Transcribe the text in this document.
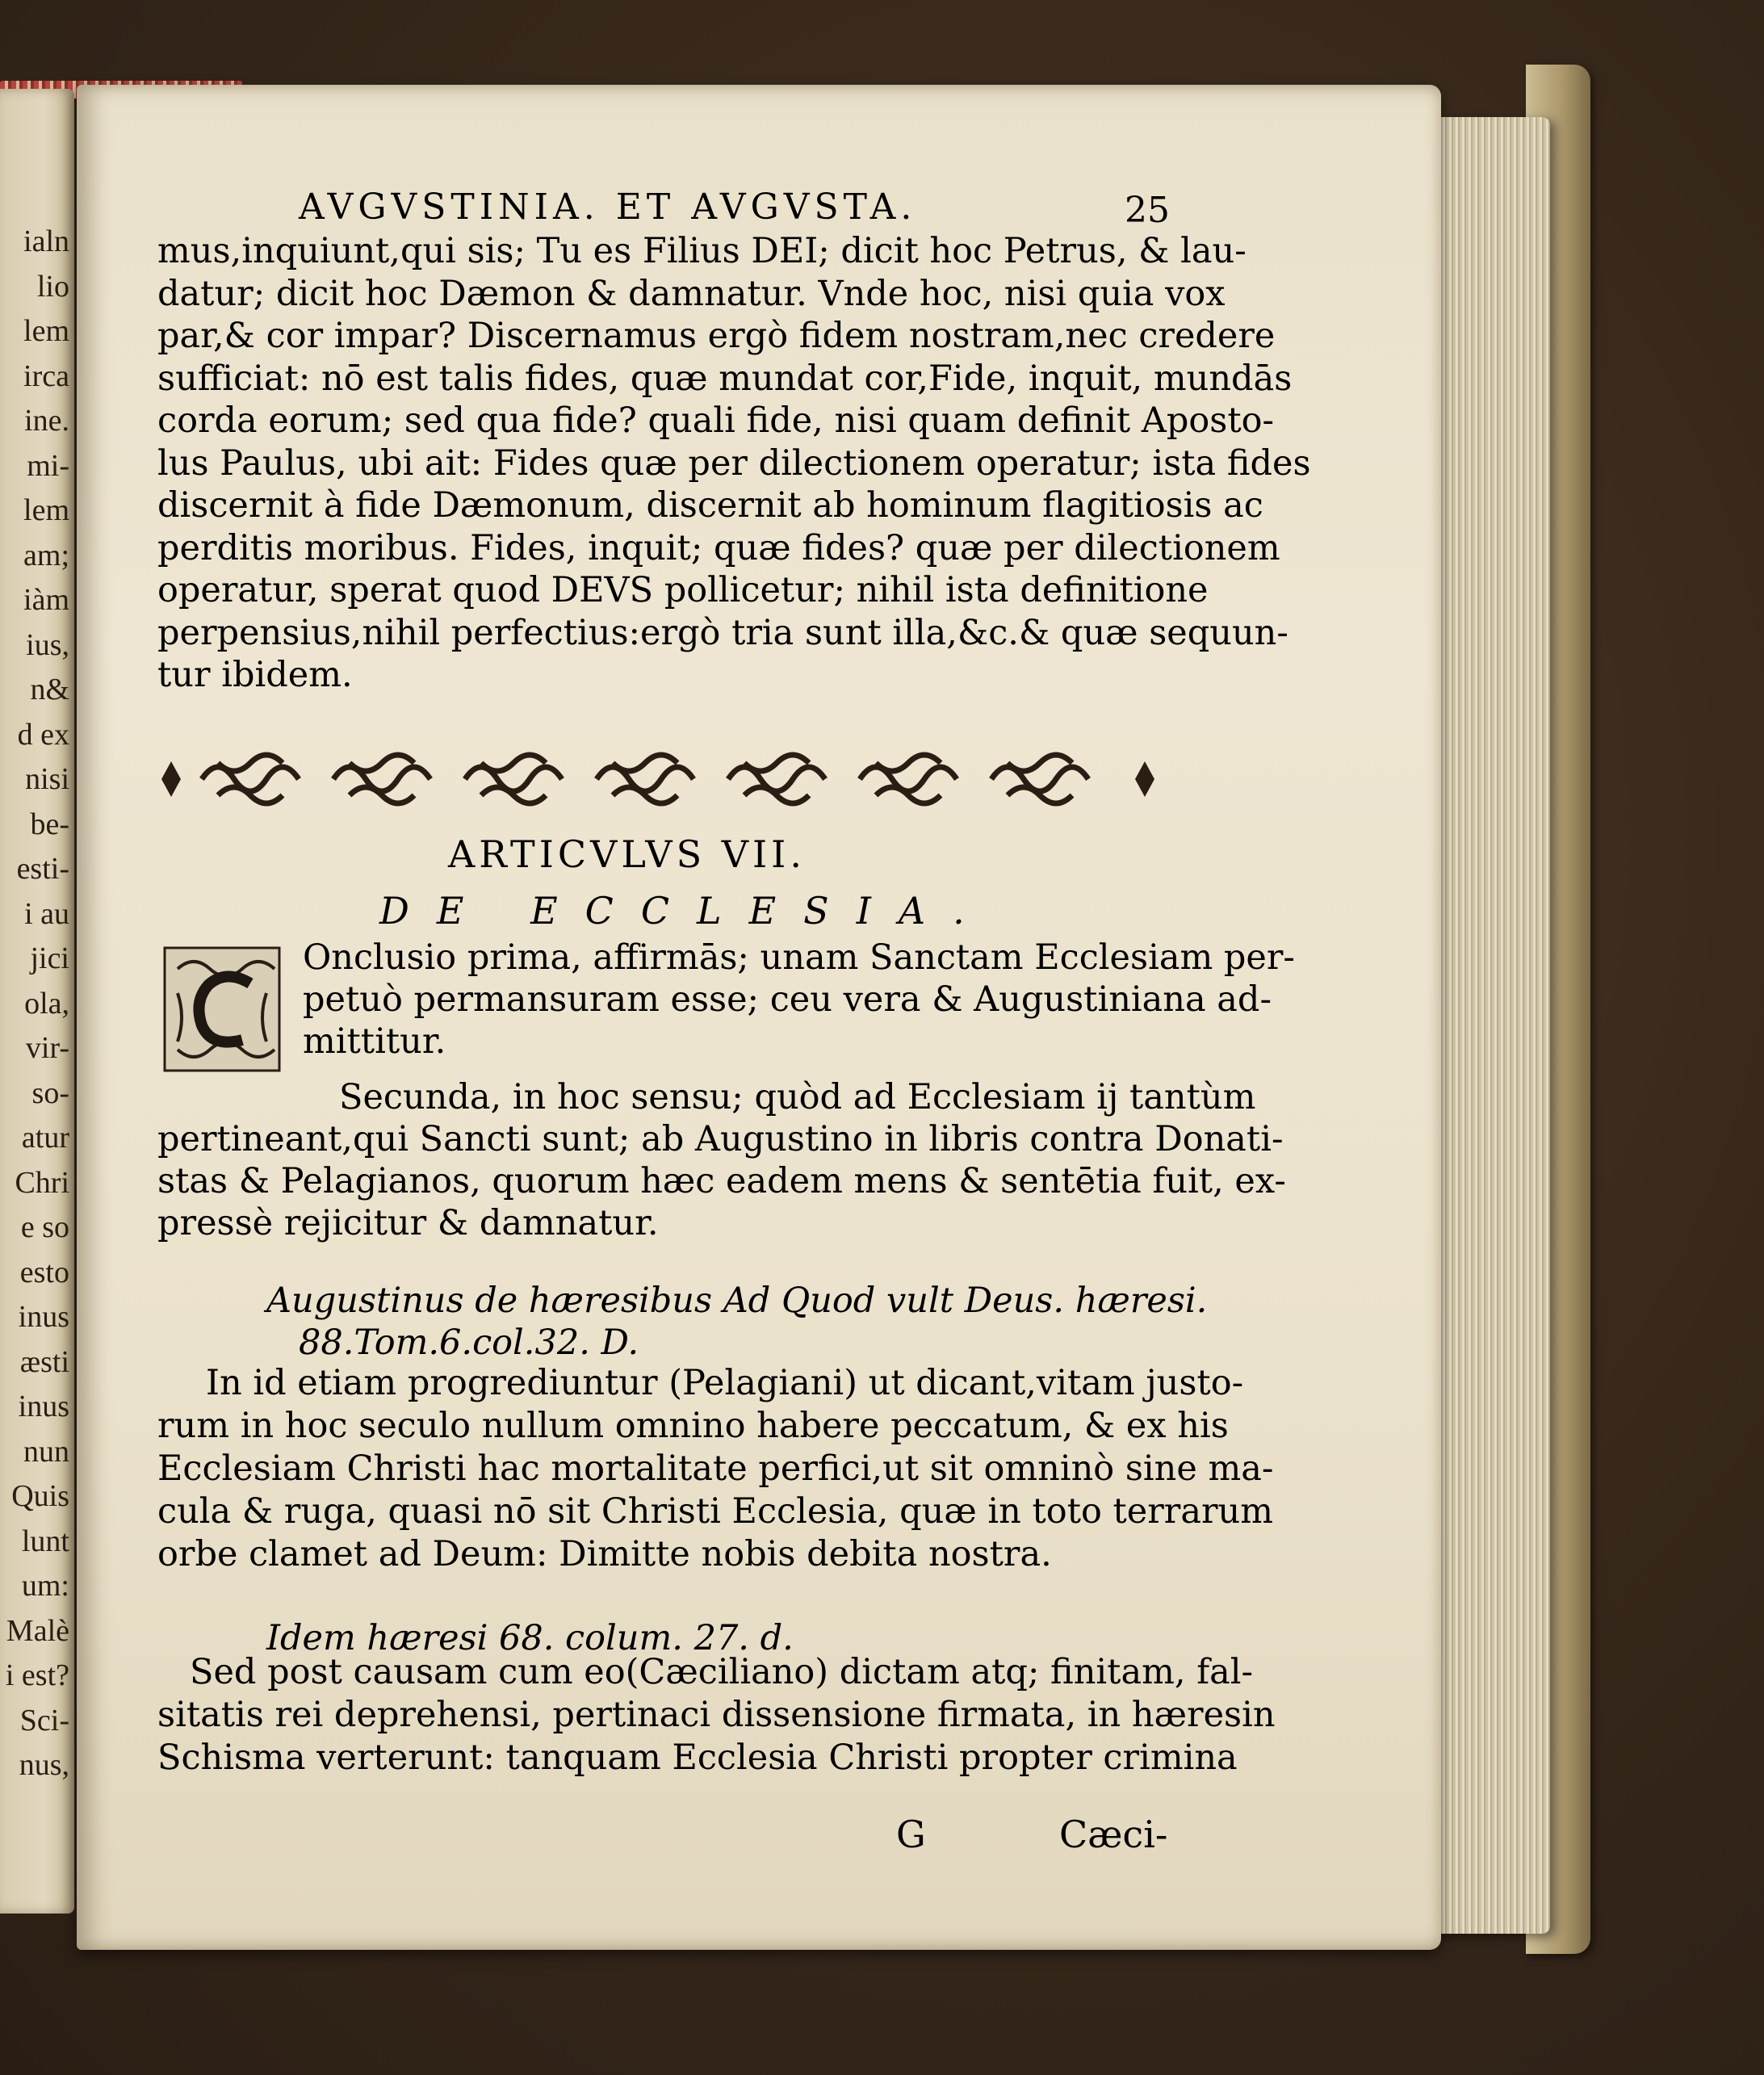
ialn
lio
lem
irca
ine.
mi-
lem
am;
iàm
ius,
n&
d ex
nisi
be-
esti-
i au
jici
ola,
vir-
so-
atur
Chri
e so
esto
inus
æsti
inus
nun
Quis
lunt
um:
Malè
i est?
Sci-
nus,
AVGVSTINIA. ET AVGVSTA.	25
mus,inquiunt,qui sis; Tu es Filius DEI; dicit hoc Petrus, & lau-
datur; dicit hoc Dæmon & damnatur. Vnde hoc, nisi quia vox
par,& cor impar? Discernamus ergò fidem nostram,nec credere
sufficiat: nō est talis fides, quæ mundat cor,Fide, inquit, mundās
corda eorum; sed qua fide? quali fide, nisi quam definit Aposto-
lus Paulus, ubi ait: Fides quæ per dilectionem operatur; ista fides
discernit à fide Dæmonum, discernit ab hominum flagitiosis ac
perditis moribus. Fides, inquit; quæ fides? quæ per dilectionem
operatur, sperat quod DEVS pollicetur; nihil ista definitione
perpensius,nihil perfectius:ergò tria sunt illa,&c.& quæ sequun-
tur ibidem.
ARTICVLVS VII.
DE ECCLESIA.
Onclusio prima, affirmās; unam Sanctam Ecclesiam per-
petuò permansuram esse; ceu vera & Augustiniana ad-
mittitur.
Secunda, in hoc sensu; quòd ad Ecclesiam ij tantùm
pertineant,qui Sancti sunt; ab Augustino in libris contra Donati-
stas & Pelagianos, quorum hæc eadem mens & sentētia fuit, ex-
pressè rejicitur & damnatur.
Augustinus de hæresibus Ad Quod vult Deus. hæresi.
88.Tom.6.col.32. D.
In id etiam progrediuntur (Pelagiani) ut dicant,vitam justo-
rum in hoc seculo nullum omnino habere peccatum, & ex his
Ecclesiam Christi hac mortalitate perfici,ut sit omninò sine ma-
cula & ruga, quasi nō sit Christi Ecclesia, quæ in toto terrarum
orbe clamet ad Deum: Dimitte nobis debita nostra.
Idem hæresi 68. colum. 27. d.
Sed post causam cum eo(Cæciliano) dictam atq; finitam, fal-
sitatis rei deprehensi, pertinaci dissensione firmata, in hæresin
Schisma verterunt: tanquam Ecclesia Christi propter crimina
G	Cæci-
